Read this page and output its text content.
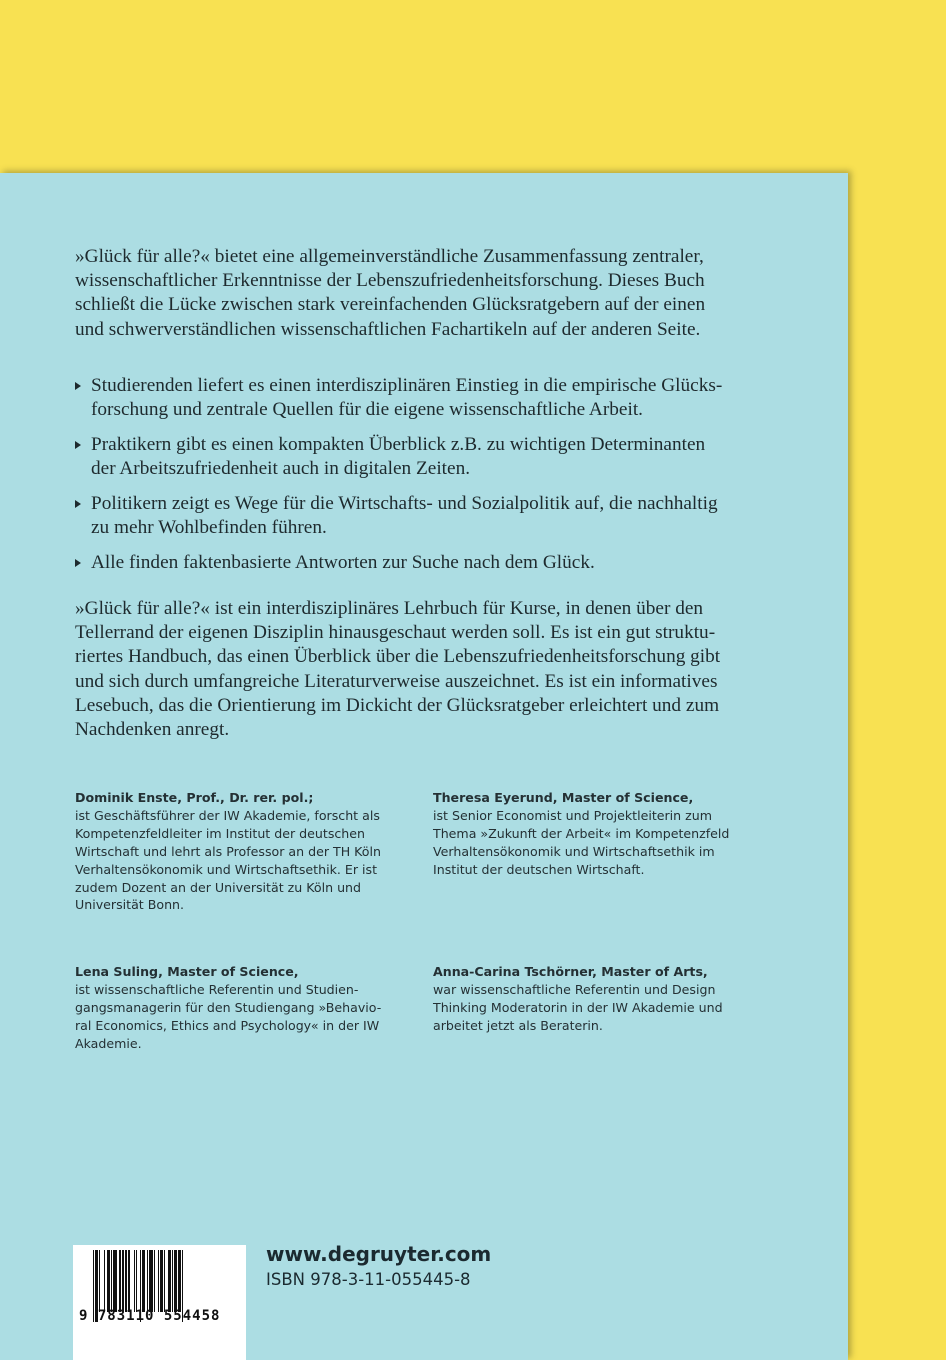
»Glück für alle?« bietet eine allgemeinverständliche Zusammenfassung zentraler,
wissenschaftlicher Erkenntnisse der Lebenszufriedenheitsforschung. Dieses Buch
schließt die Lücke zwischen stark vereinfachenden Glücksratgebern auf der einen
und schwerverständlichen wissenschaftlichen Fachartikeln auf der anderen Seite.
Studierenden liefert es einen interdisziplinären Einstieg in die empirische Glücks-
forschung und zentrale Quellen für die eigene wissenschaftliche Arbeit.
Praktikern gibt es einen kompakten Überblick z.B. zu wichtigen Determinanten
der Arbeitszufriedenheit auch in digitalen Zeiten.
Politikern zeigt es Wege für die Wirtschafts- und Sozialpolitik auf, die nachhaltig
zu mehr Wohlbefinden führen.
Alle finden faktenbasierte Antworten zur Suche nach dem Glück.
»Glück für alle?« ist ein interdisziplinäres Lehrbuch für Kurse, in denen über den
Tellerrand der eigenen Disziplin hinausgeschaut werden soll. Es ist ein gut struktu-
riertes Handbuch, das einen Überblick über die Lebenszufriedenheitsforschung gibt
und sich durch umfangreiche Literaturverweise auszeichnet. Es ist ein informatives
Lesebuch, das die Orientierung im Dickicht der Glücksratgeber erleichtert und zum
Nachdenken anregt.
Dominik Enste, Prof., Dr. rer. pol.;
ist Geschäftsführer der IW Akademie, forscht als
Kompetenzfeldleiter im Institut der deutschen
Wirtschaft und lehrt als Professor an der TH Köln
Verhaltensökonomik und Wirtschaftsethik. Er ist
zudem Dozent an der Universität zu Köln und
Universität Bonn.
Theresa Eyerund, Master of Science,
ist Senior Economist und Projektleiterin zum
Thema »Zukunft der Arbeit« im Kompetenzfeld
Verhaltensökonomik und Wirtschaftsethik im
Institut der deutschen Wirtschaft.
Lena Suling, Master of Science,
ist wissenschaftliche Referentin und Studien-
gangsmanagerin für den Studiengang »Behavio-
ral Economics, Ethics and Psychology« in der IW
Akademie.
Anna-Carina Tschörner, Master of Arts,
war wissenschaftliche Referentin und Design
Thinking Moderatorin in der IW Akademie und
arbeitet jetzt als Beraterin.
9 783110 554458
www.degruyter.com
ISBN 978-3-11-055445-8
